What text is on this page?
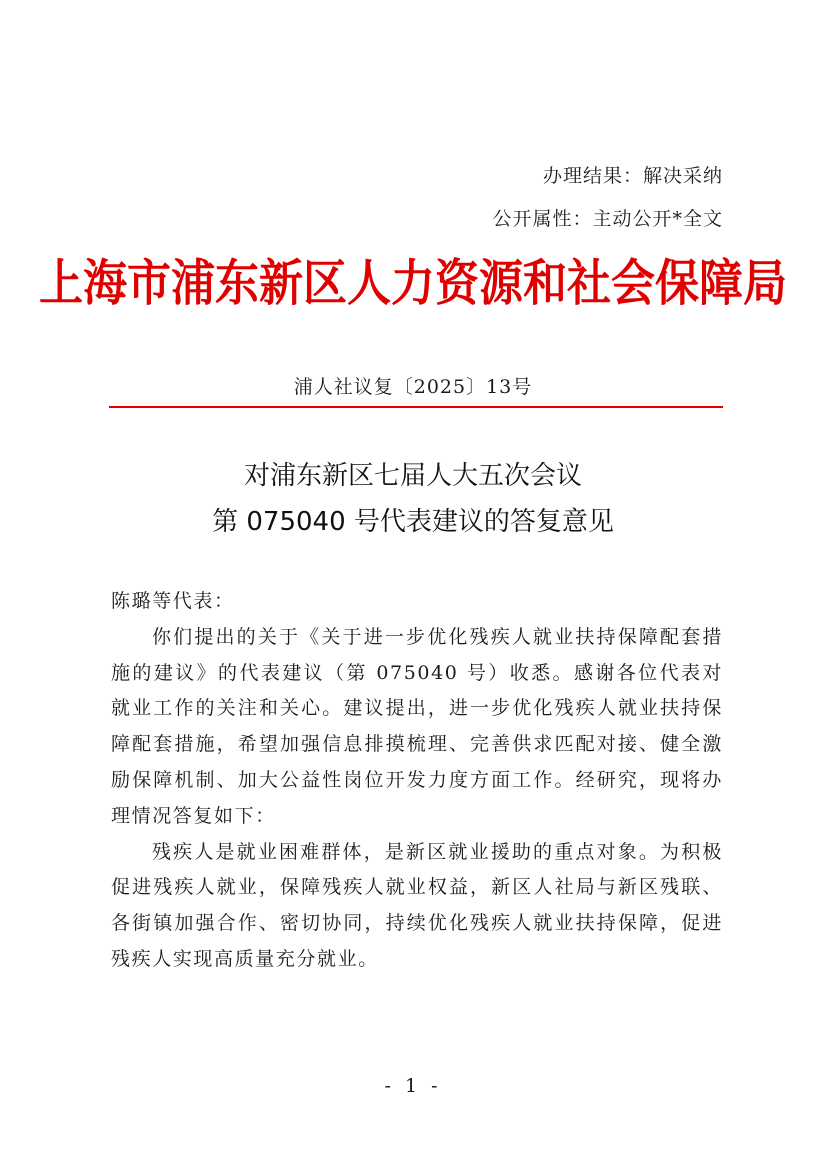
办理结果：解决采纳
公开属性：主动公开*全文
上海市浦东新区人力资源和社会保障局
浦人社议复〔2025〕13号
对浦东新区七届人大五次会议
第 075040 号代表建议的答复意见

陈璐等代表：

你们提出的关于《关于进一步优化残疾人就业扶持保障配套措施的建议》的代表建议（第 075040 号）收悉。感谢各位代表对就业工作的关注和关心。建议提出，进一步优化残疾人就业扶持保障配套措施，希望加强信息排摸梳理、完善供求匹配对接、健全激励保障机制、加大公益性岗位开发力度方面工作。经研究，现将办理情况答复如下：

残疾人是就业困难群体，是新区就业援助的重点对象。为积极促进残疾人就业，保障残疾人就业权益，新区人社局与新区残联、各街镇加强合作、密切协同，持续优化残疾人就业扶持保障，促进残疾人实现高质量充分就业。

- 1 -
